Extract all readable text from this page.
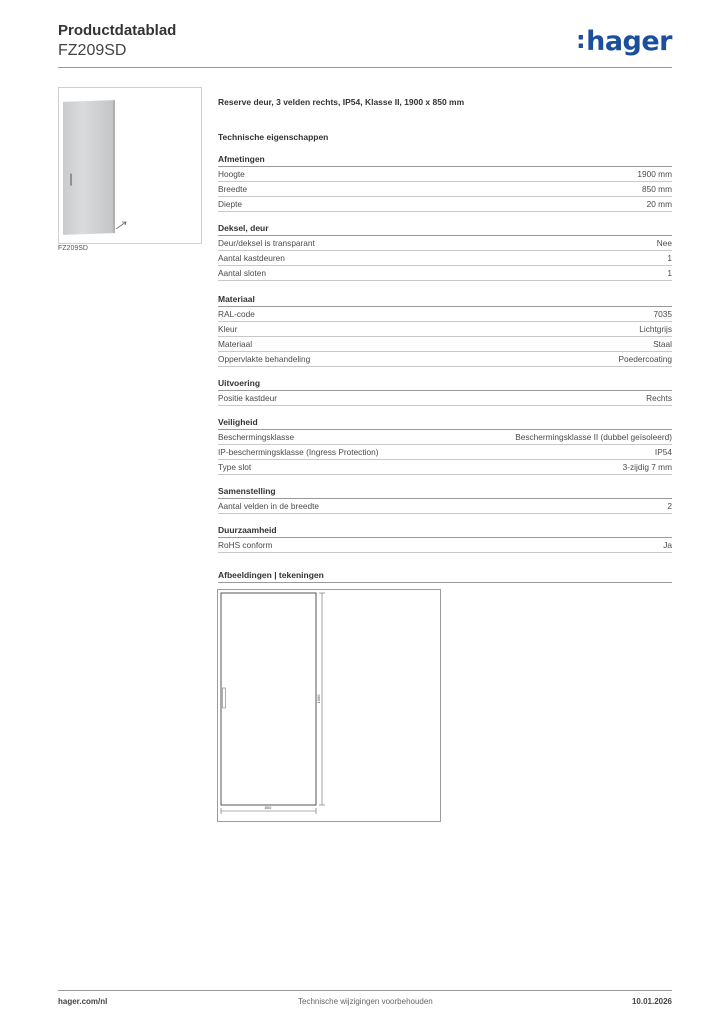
Productdatablad
FZ209SD	:hager
FZ209SD
Reserve deur, 3 velden rechts, IP54, Klasse II, 1900 x 850 mm
Technische eigenschappen
Afmetingen
Hoogte	1900 mm
Breedte	850 mm
Diepte	20 mm
Deksel, deur
Deur/deksel is transparant	Nee
Aantal kastdeuren	1
Aantal sloten	1
Materiaal
RAL-code	7035
Kleur	Lichtgrijs
Materiaal	Staal
Oppervlakte behandeling	Poedercoating
Uitvoering
Positie kastdeur	Rechts
Veiligheid
Beschermingsklasse	Beschermingsklasse II (dubbel geïsoleerd)
IP-beschermingsklasse (Ingress Protection)	IP54
Type slot	3-zijdig 7 mm
Samenstelling
Aantal velden in de breedte	2
Duurzaamheid
RoHS conform	Ja
Afbeeldingen | tekeningen
1900
850
hager.com/nl	Technische wijzigingen voorbehouden	10.01.2026
